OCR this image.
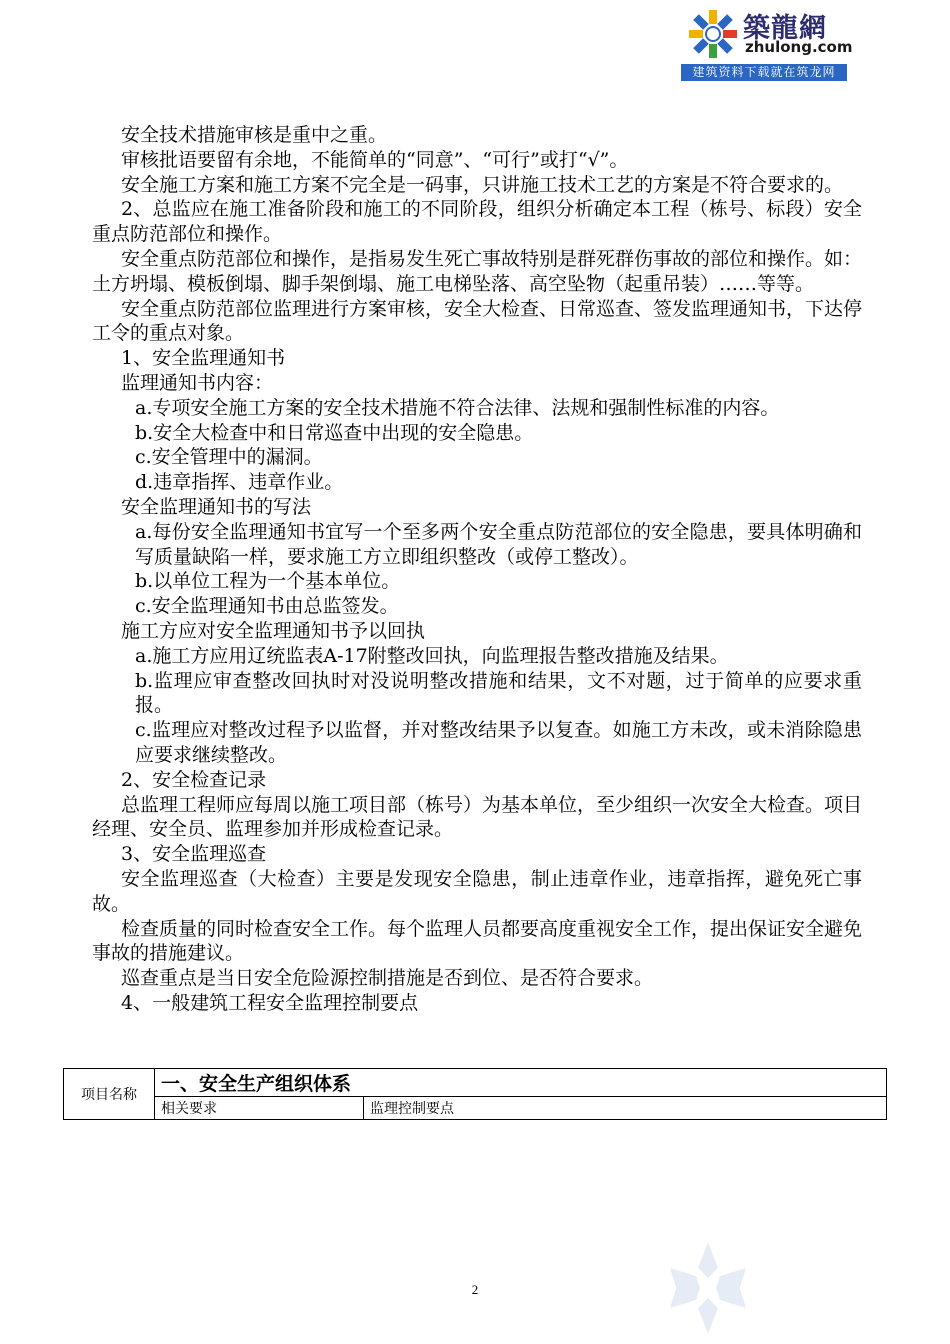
築龍網
zhulong.com
建筑资料下载就在筑龙网

安全技术措施审核是重中之重。

审核批语要留有余地，不能简单的“同意”、“可行”或打“√”。

安全施工方案和施工方案不完全是一码事，只讲施工技术工艺的方案是不符合要求的。

2、总监应在施工准备阶段和施工的不同阶段，组织分析确定本工程（栋号、标段）安全重点防范部位和操作。

安全重点防范部位和操作，是指易发生死亡事故特别是群死群伤事故的部位和操作。如：土方坍塌、模板倒塌、脚手架倒塌、施工电梯坠落、高空坠物（起重吊装）……等等。

安全重点防范部位监理进行方案审核，安全大检查、日常巡查、签发监理通知书，下达停工令的重点对象。

1、安全监理通知书

监理通知书内容：

a.专项安全施工方案的安全技术措施不符合法律、法规和强制性标准的内容。

b.安全大检查中和日常巡查中出现的安全隐患。

c.安全管理中的漏洞。

d.违章指挥、违章作业。

安全监理通知书的写法

a.每份安全监理通知书宜写一个至多两个安全重点防范部位的安全隐患，要具体明确和写质量缺陷一样，要求施工方立即组织整改（或停工整改）。

b.以单位工程为一个基本单位。

c.安全监理通知书由总监签发。

施工方应对安全监理通知书予以回执

a.施工方应用辽统监表A-17附整改回执，向监理报告整改措施及结果。

b.监理应审查整改回执时对没说明整改措施和结果，文不对题，过于简单的应要求重报。

c.监理应对整改过程予以监督，并对整改结果予以复查。如施工方未改，或未消除隐患应要求继续整改。

2、安全检查记录

总监理工程师应每周以施工项目部（栋号）为基本单位，至少组织一次安全大检查。项目经理、安全员、监理参加并形成检查记录。

3、安全监理巡查

安全监理巡查（大检查）主要是发现安全隐患，制止违章作业，违章指挥，避免死亡事故。

检查质量的同时检查安全工作。每个监理人员都要高度重视安全工作，提出保证安全避免事故的措施建议。

巡查重点是当日安全危险源控制措施是否到位、是否符合要求。

4、一般建筑工程安全监理控制要点

项目名称	一、安全生产组织体系	
	相关要求	监理控制要点
2
